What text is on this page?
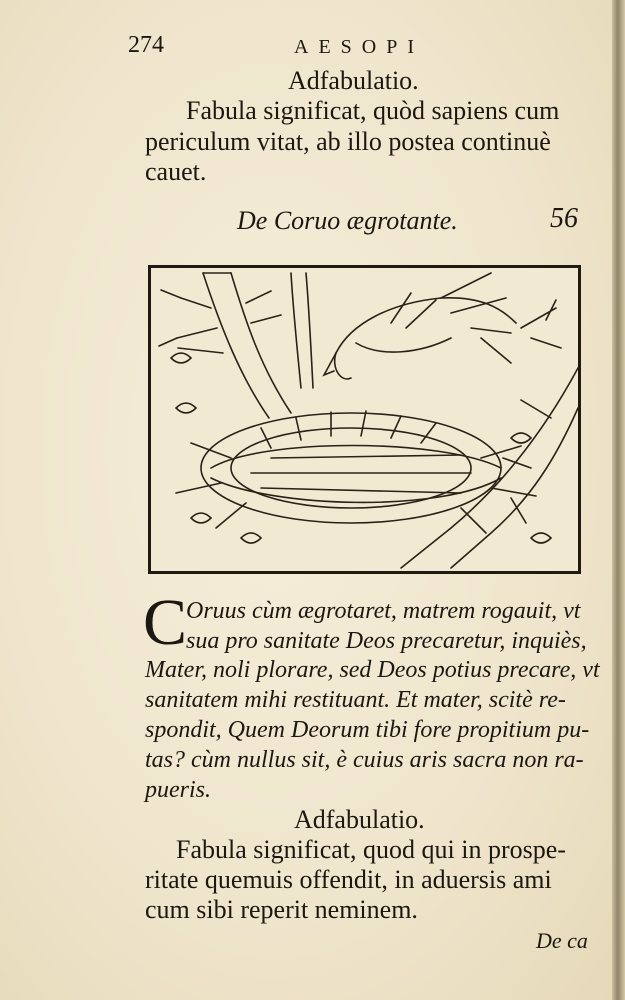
274	AESOPI
Adfabulatio.
Fabula significat, quòd sapiens cum
periculum vitat, ab illo postea continuè
cauet.
De Coruo ægrotante.	56
C
Oruus cùm ægrotaret, matrem rogauit, vt
sua pro sanitate Deos precaretur, inquiès,
Mater, noli plorare, sed Deos potius precare, vt
sanitatem mihi restituant. Et mater, scitè re-
spondit, Quem Deorum tibi fore propitium pu-
tas? cùm nullus sit, è cuius aris sacra non ra-
pueris.
Adfabulatio.
Fabula significat, quod qui in prospe-
ritate quemuis offendit, in aduersis ami
cum sibi reperit neminem.
De ca
